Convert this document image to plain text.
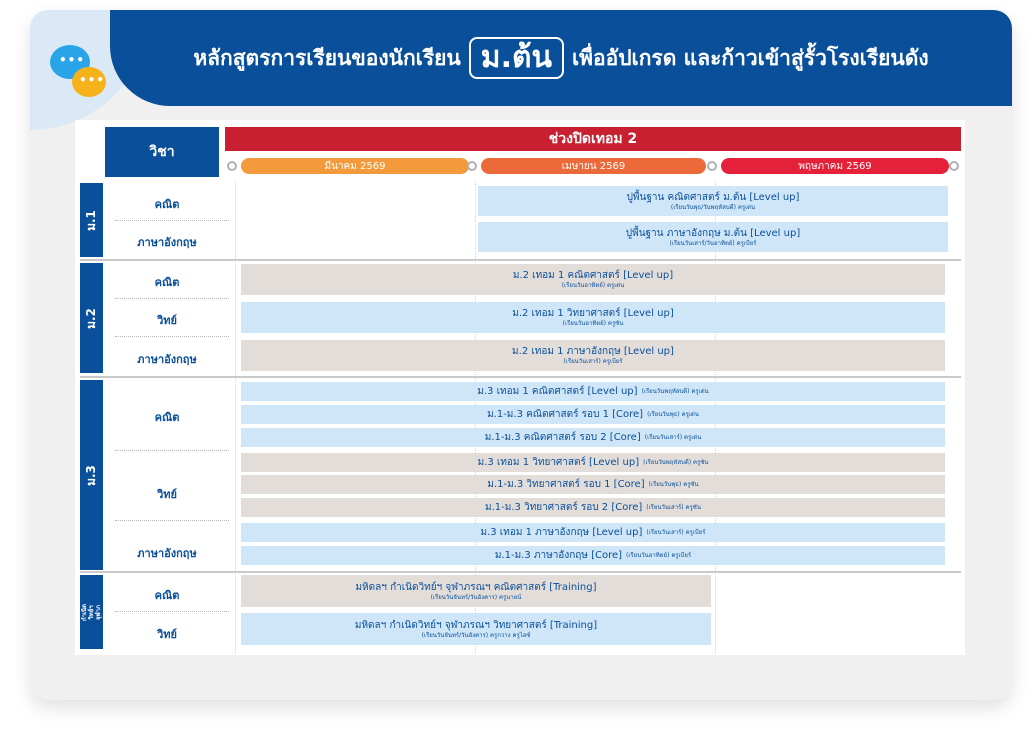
หลักสูตรการเรียนของนักเรียน ม.ต้น เพื่ออัปเกรด และก้าวเข้าสู่รั้วโรงเรียนดัง
•••
•••
วิชา
ช่วงปิดเทอม 2
มีนาคม 2569	เมษายน 2569	พฤษภาคม 2569
ม.1
คณิต
ภาษาอังกฤษ
ปูพื้นฐาน คณิตศาสตร์ ม.ต้น [Level up]
(เรียนวันพุธ/วันพฤหัสบดี) ครูเด่น
ปูพื้นฐาน ภาษาอังกฤษ ม.ต้น [Level up]
(เรียนวันเสาร์/วันอาทิตย์) ครูเบียร์
ม.2
คณิต
วิทย์
ภาษาอังกฤษ
ม.2 เทอม 1 คณิตศาสตร์ [Level up]
(เรียนวันอาทิตย์) ครูเด่น
ม.2 เทอม 1 วิทยาศาสตร์ [Level up]
(เรียนวันอาทิตย์) ครูซัน
ม.2 เทอม 1 ภาษาอังกฤษ [Level up]
(เรียนวันเสาร์) ครูเบียร์
ม.3
คณิต
วิทย์
ภาษาอังกฤษ
ม.3 เทอม 1 คณิตศาสตร์ [Level up] (เรียนวันพฤหัสบดี) ครูเด่น
ม.1-ม.3 คณิตศาสตร์ รอบ 1 [Core] (เรียนวันพุธ) ครูเด่น
ม.1-ม.3 คณิตศาสตร์ รอบ 2 [Core] (เรียนวันเสาร์) ครูเด่น
ม.3 เทอม 1 วิทยาศาสตร์ [Level up] (เรียนวันพฤหัสบดี) ครูซัน
ม.1-ม.3 วิทยาศาสตร์ รอบ 1 [Core] (เรียนวันพุธ) ครูซัน
ม.1-ม.3 วิทยาศาสตร์ รอบ 2 [Core] (เรียนวันเสาร์) ครูซัน
ม.3 เทอม 1 ภาษาอังกฤษ [Level up] (เรียนวันเสาร์) ครูเบียร์
ม.1-ม.3 ภาษาอังกฤษ [Core] (เรียนวันอาทิตย์) ครูเบียร์
มหิดลฯ กำเนิดวิทย์ฯ จุฬาภรณฯ
คณิต
วิทย์
มหิดลฯ กำเนิดวิทย์ฯ จุฬาภรณฯ คณิตศาสตร์ [Training]
(เรียนวันจันทร์/วันอังคาร) ครูนายน์
มหิดลฯ กำเนิดวิทย์ฯ จุฬาภรณฯ วิทยาศาสตร์ [Training]
(เรียนวันจันทร์/วันอังคาร) ครูกวาง ครูไอซ์
